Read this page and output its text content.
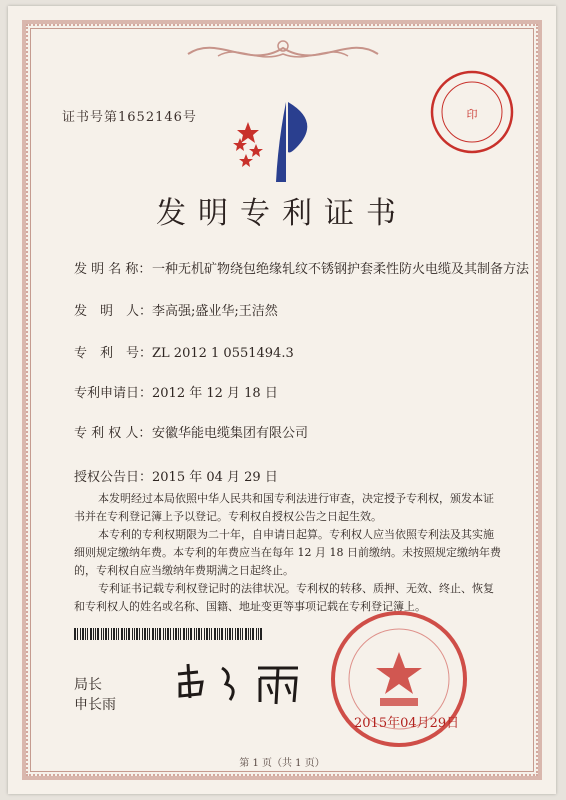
证书号第1652146号	印
发明专利证书
发 明 名 称：一种无机矿物绕包绝缘轧纹不锈钢护套柔性防火电缆及其制备方法
发　明　人：李高强;盛业华;王洁然
专　利　号：ZL 2012 1 0551494.3
专利申请日：2012 年 12 月 18 日
专 利 权 人：安徽华能电缆集团有限公司
授权公告日：2015 年 04 月 29 日

本发明经过本局依照中华人民共和国专利法进行审查，决定授予专利权，颁发本证书并在专利登记簿上予以登记。专利权自授权公告之日起生效。

本专利的专利权期限为二十年，自申请日起算。专利权人应当依照专利法及其实施细则规定缴纳年费。本专利的年费应当在每年 12 月 18 日前缴纳。未按照规定缴纳年费的，专利权自应当缴纳年费期满之日起终止。

专利证书记载专利权登记时的法律状况。专利权的转移、质押、无效、终止、恢复和专利权人的姓名或名称、国籍、地址变更等事项记载在专利登记簿上。

局长
申长雨
2015年04月29日
第 1 页（共 1 页）
